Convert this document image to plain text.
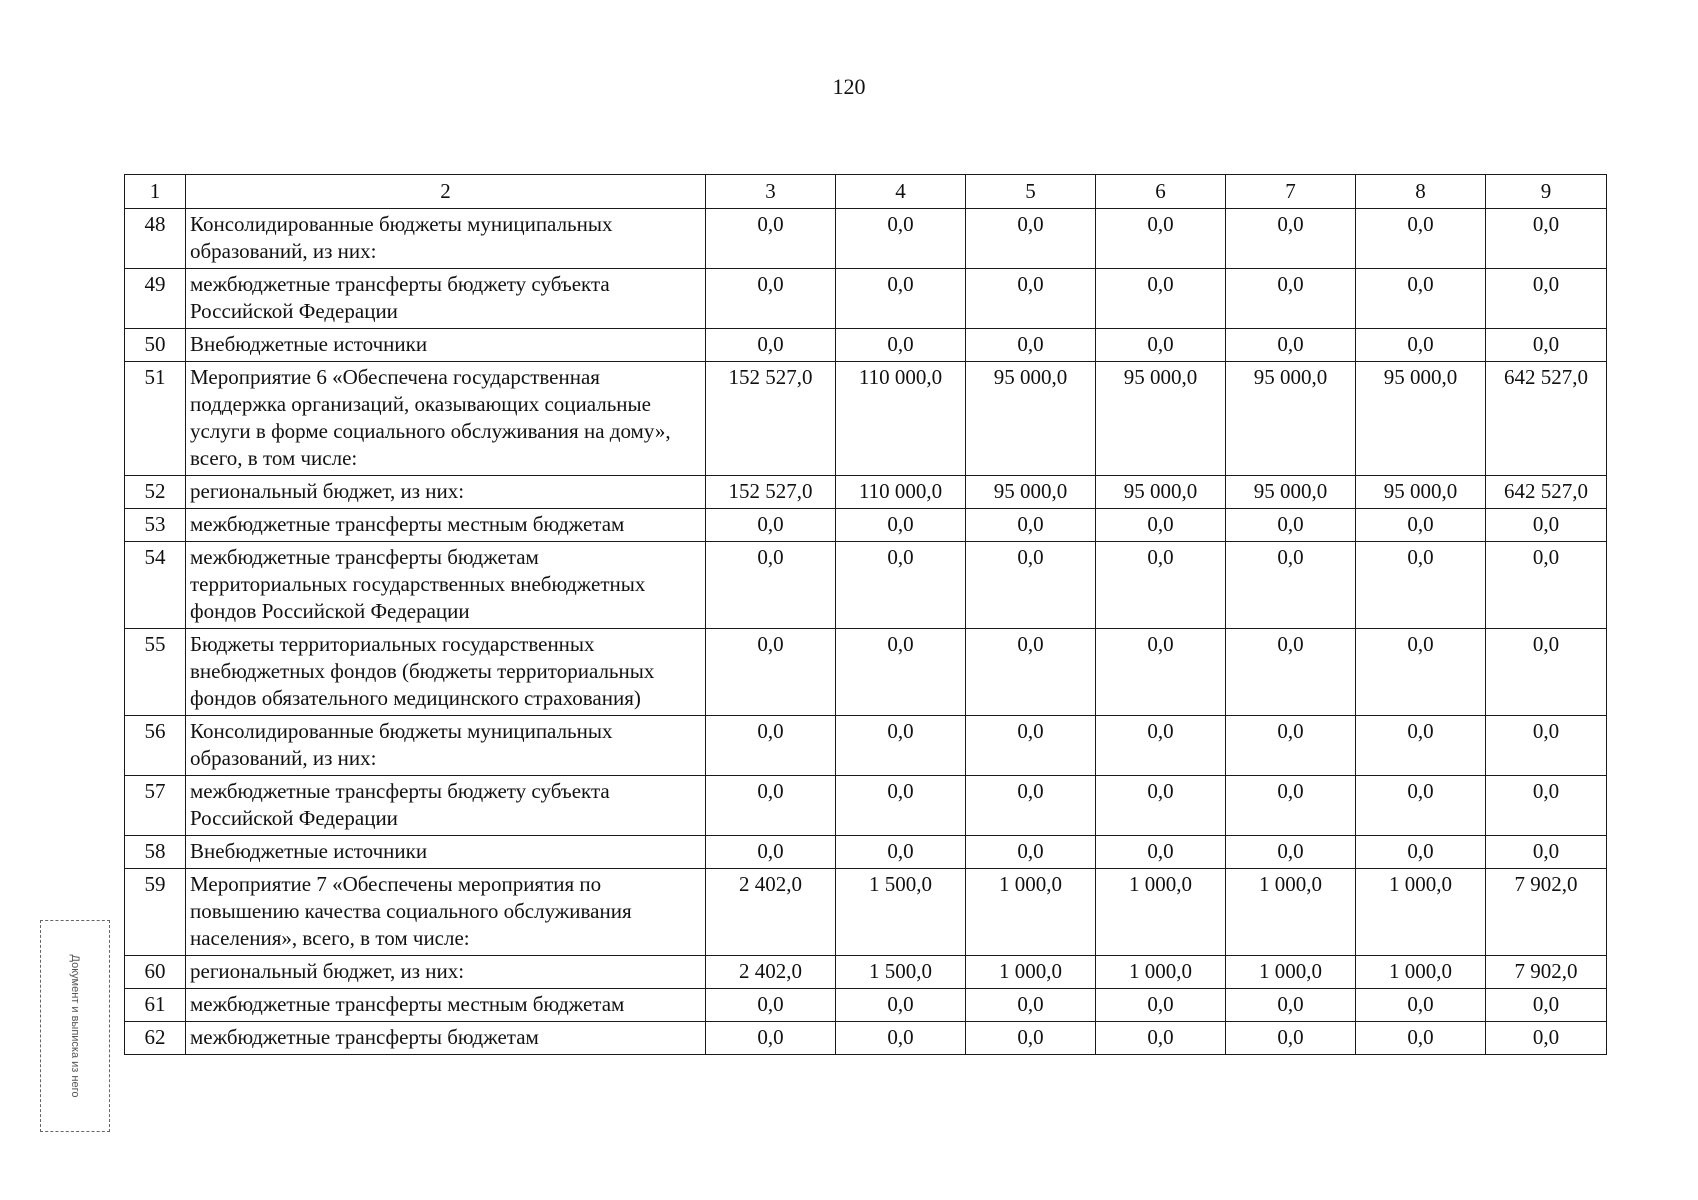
120
1	2	3	4	5	6	7	8	9
48	Консолидированные бюджеты муниципальных образований, из них:	0,0	0,0	0,0	0,0	0,0	0,0	0,0
49	межбюджетные трансферты бюджету субъекта Российской Федерации	0,0	0,0	0,0	0,0	0,0	0,0	0,0
50	Внебюджетные источники	0,0	0,0	0,0	0,0	0,0	0,0	0,0
51	Мероприятие 6 «Обеспечена государственная поддержка организаций, оказывающих социальные услуги в форме социального обслуживания на дому», всего, в том числе:	152 527,0	110 000,0	95 000,0	95 000,0	95 000,0	95 000,0	642 527,0
52	региональный бюджет, из них:	152 527,0	110 000,0	95 000,0	95 000,0	95 000,0	95 000,0	642 527,0
53	межбюджетные трансферты местным бюджетам	0,0	0,0	0,0	0,0	0,0	0,0	0,0
54	межбюджетные трансферты бюджетам территориальных государственных внебюджетных фондов Российской Федерации	0,0	0,0	0,0	0,0	0,0	0,0	0,0
55	Бюджеты территориальных государственных внебюджетных фондов (бюджеты территориальных фондов обязательного медицинского страхования)	0,0	0,0	0,0	0,0	0,0	0,0	0,0
56	Консолидированные бюджеты муниципальных образований, из них:	0,0	0,0	0,0	0,0	0,0	0,0	0,0
57	межбюджетные трансферты бюджету субъекта Российской Федерации	0,0	0,0	0,0	0,0	0,0	0,0	0,0
58	Внебюджетные источники	0,0	0,0	0,0	0,0	0,0	0,0	0,0
59	Мероприятие 7 «Обеспечены мероприятия по повышению качества социального обслуживания населения», всего, в том числе:	2 402,0	1 500,0	1 000,0	1 000,0	1 000,0	1 000,0	7 902,0
60	региональный бюджет, из них:	2 402,0	1 500,0	1 000,0	1 000,0	1 000,0	1 000,0	7 902,0
61	межбюджетные трансферты местным бюджетам	0,0	0,0	0,0	0,0	0,0	0,0	0,0
62	межбюджетные трансферты бюджетам	0,0	0,0	0,0	0,0	0,0	0,0	0,0
Документ и выписка из него
